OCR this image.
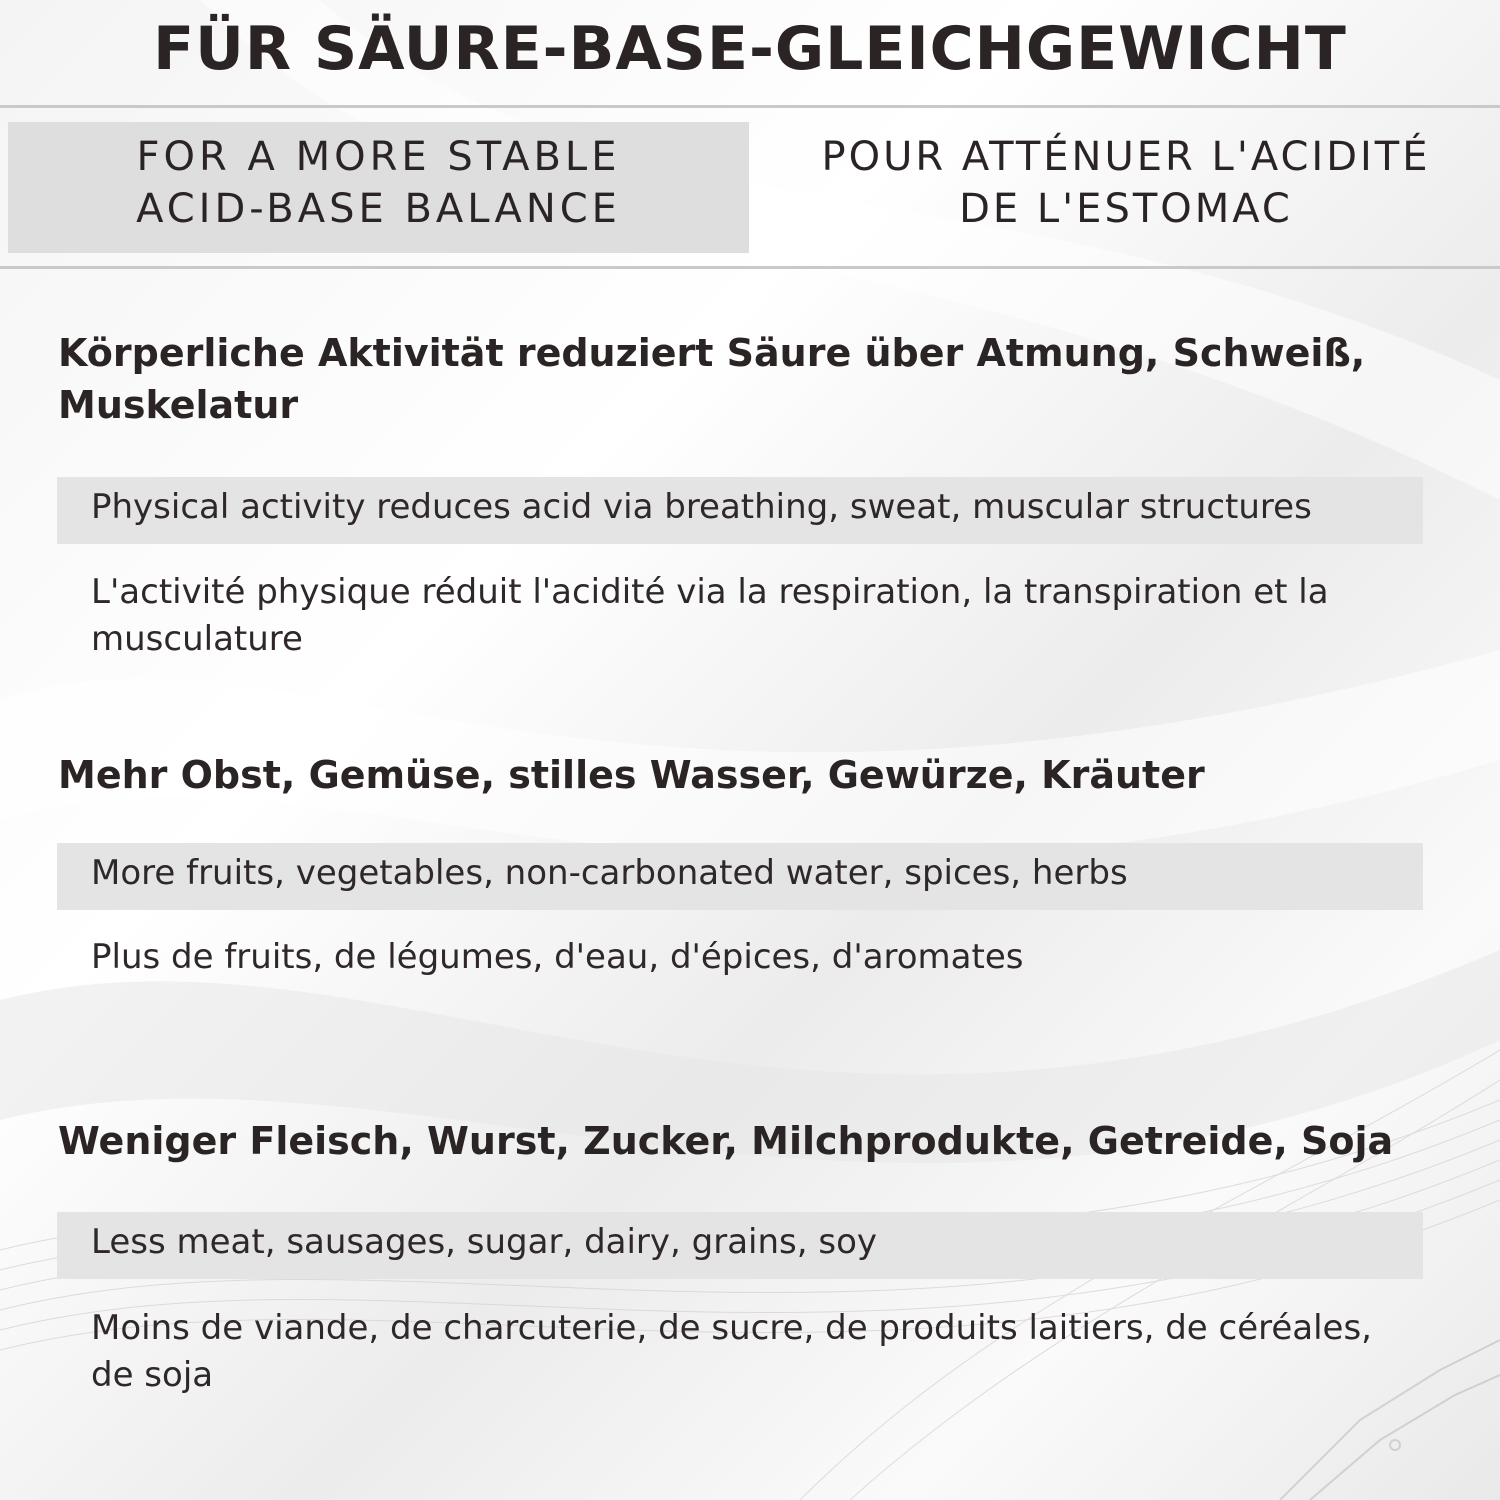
FÜR SÄURE-BASE-GLEICHGEWICHT
FOR A MORE STABLE
ACID-BASE BALANCE
POUR ATTÉNUER L'ACIDITÉ
DE L'ESTOMAC
Körperliche Aktivität reduziert Säure über Atmung, Schweiß, Muskelatur
Physical activity reduces acid via breathing, sweat, muscular structures
L'activité physique réduit l'acidité via la respiration, la transpiration et la musculature
Mehr Obst, Gemüse, stilles Wasser, Gewürze, Kräuter
More fruits, vegetables, non-carbonated water, spices, herbs
Plus de fruits, de légumes, d'eau, d'épices, d'aromates
Weniger Fleisch, Wurst, Zucker, Milchprodukte, Getreide, Soja
Less meat, sausages, sugar, dairy, grains, soy
Moins de viande, de charcuterie, de sucre, de produits laitiers, de céréales, de soja
